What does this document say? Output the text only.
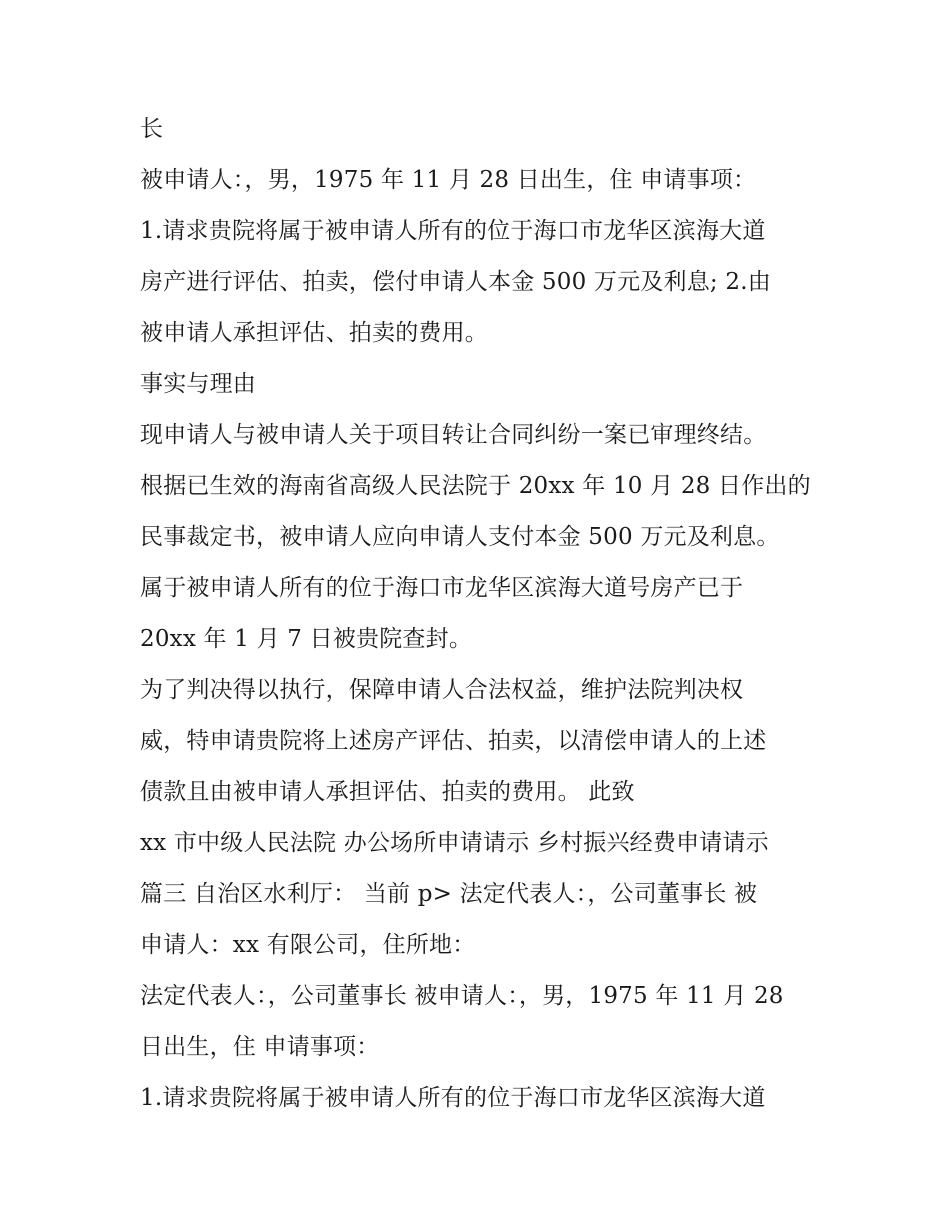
长
被申请人：，男，1975 年 11 月 28 日出生，住 申请事项：
1.请求贵院将属于被申请人所有的位于海口市龙华区滨海大道
房产进行评估、拍卖，偿付申请人本金 500 万元及利息; 2.由
被申请人承担评估、拍卖的费用。
事实与理由
现申请人与被申请人关于项目转让合同纠纷一案已审理终结。
根据已生效的海南省高级人民法院于 20xx 年 10 月 28 日作出的
民事裁定书，被申请人应向申请人支付本金 500 万元及利息。
属于被申请人所有的位于海口市龙华区滨海大道号房产已于
20xx 年 1 月 7 日被贵院查封。
为了判决得以执行，保障申请人合法权益，维护法院判决权
威，特申请贵院将上述房产评估、拍卖，以清偿申请人的上述
债款且由被申请人承担评估、拍卖的费用。 此致
xx 市中级人民法院 办公场所申请请示 乡村振兴经费申请请示
篇三 自治区水利厅： 当前 p> 法定代表人：，公司董事长 被
申请人：xx 有限公司，住所地：
法定代表人：，公司董事长 被申请人：，男，1975 年 11 月 28
日出生，住 申请事项：
1.请求贵院将属于被申请人所有的位于海口市龙华区滨海大道
